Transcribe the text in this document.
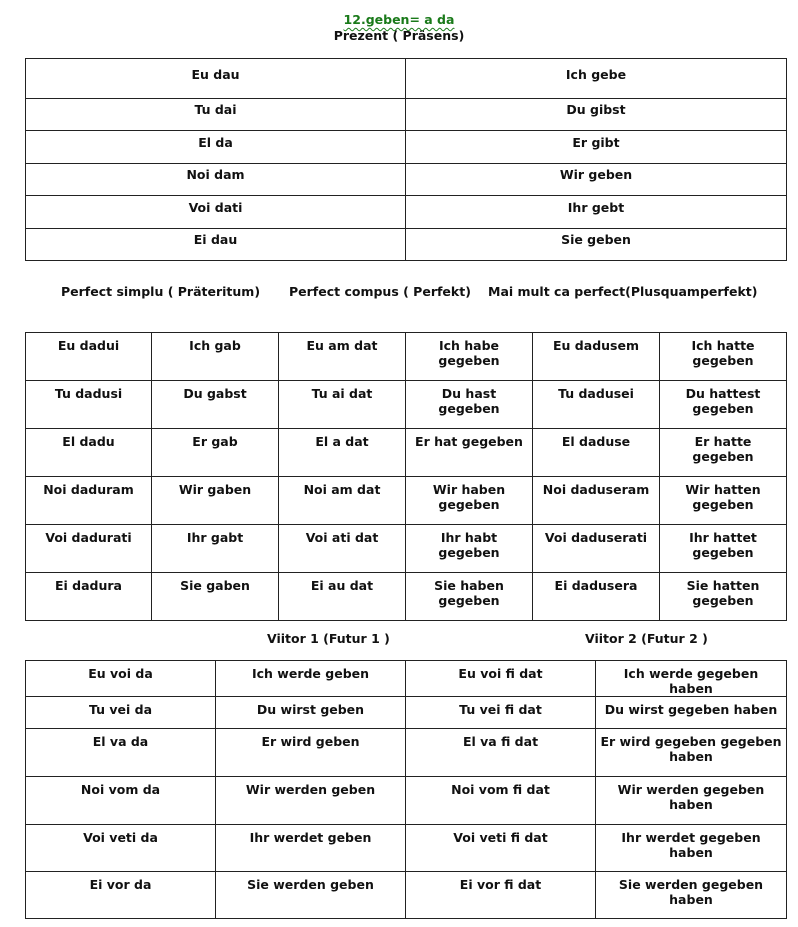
12.geben= a da
Prezent ( Präsens)
Eu dau	Ich gebe
Tu dai	Du gibst
El da	Er gibt
Noi dam	Wir geben
Voi dati	Ihr gebt
Ei dau	Sie geben
Perfect simplu ( Präteritum) Perfect compus ( Perfekt) Mai mult ca perfect(Plusquamperfekt)
Eu dadui	Ich gab	Eu am dat	Ich habe gegeben	Eu dadusem	Ich hatte gegeben
Tu dadusi	Du gabst	Tu ai dat	Du hast gegeben	Tu dadusei	Du hattest gegeben
El dadu	Er gab	El a dat	Er hat gegeben	El daduse	Er hatte gegeben
Noi daduram	Wir gaben	Noi am dat	Wir haben gegeben	Noi daduseram	Wir hatten gegeben
Voi dadurati	Ihr gabt	Voi ati dat	Ihr habt gegeben	Voi daduserati	Ihr hattet gegeben
Ei dadura	Sie gaben	Ei au dat	Sie haben gegeben	Ei dadusera	Sie hatten gegeben
Viitor 1 (Futur 1 )	Viitor 2 (Futur 2 )
Eu voi da	Ich werde geben	Eu voi fi dat	Ich werde gegeben haben
Tu vei da	Du wirst geben	Tu vei fi dat	Du wirst gegeben haben
El va da	Er wird geben	El va fi dat	Er wird gegeben gegeben haben
Noi vom da	Wir werden geben	Noi vom fi dat	Wir werden gegeben haben
Voi veti da	Ihr werdet geben	Voi veti fi dat	Ihr werdet gegeben haben
Ei vor da	Sie werden geben	Ei vor fi dat	Sie werden gegeben haben
